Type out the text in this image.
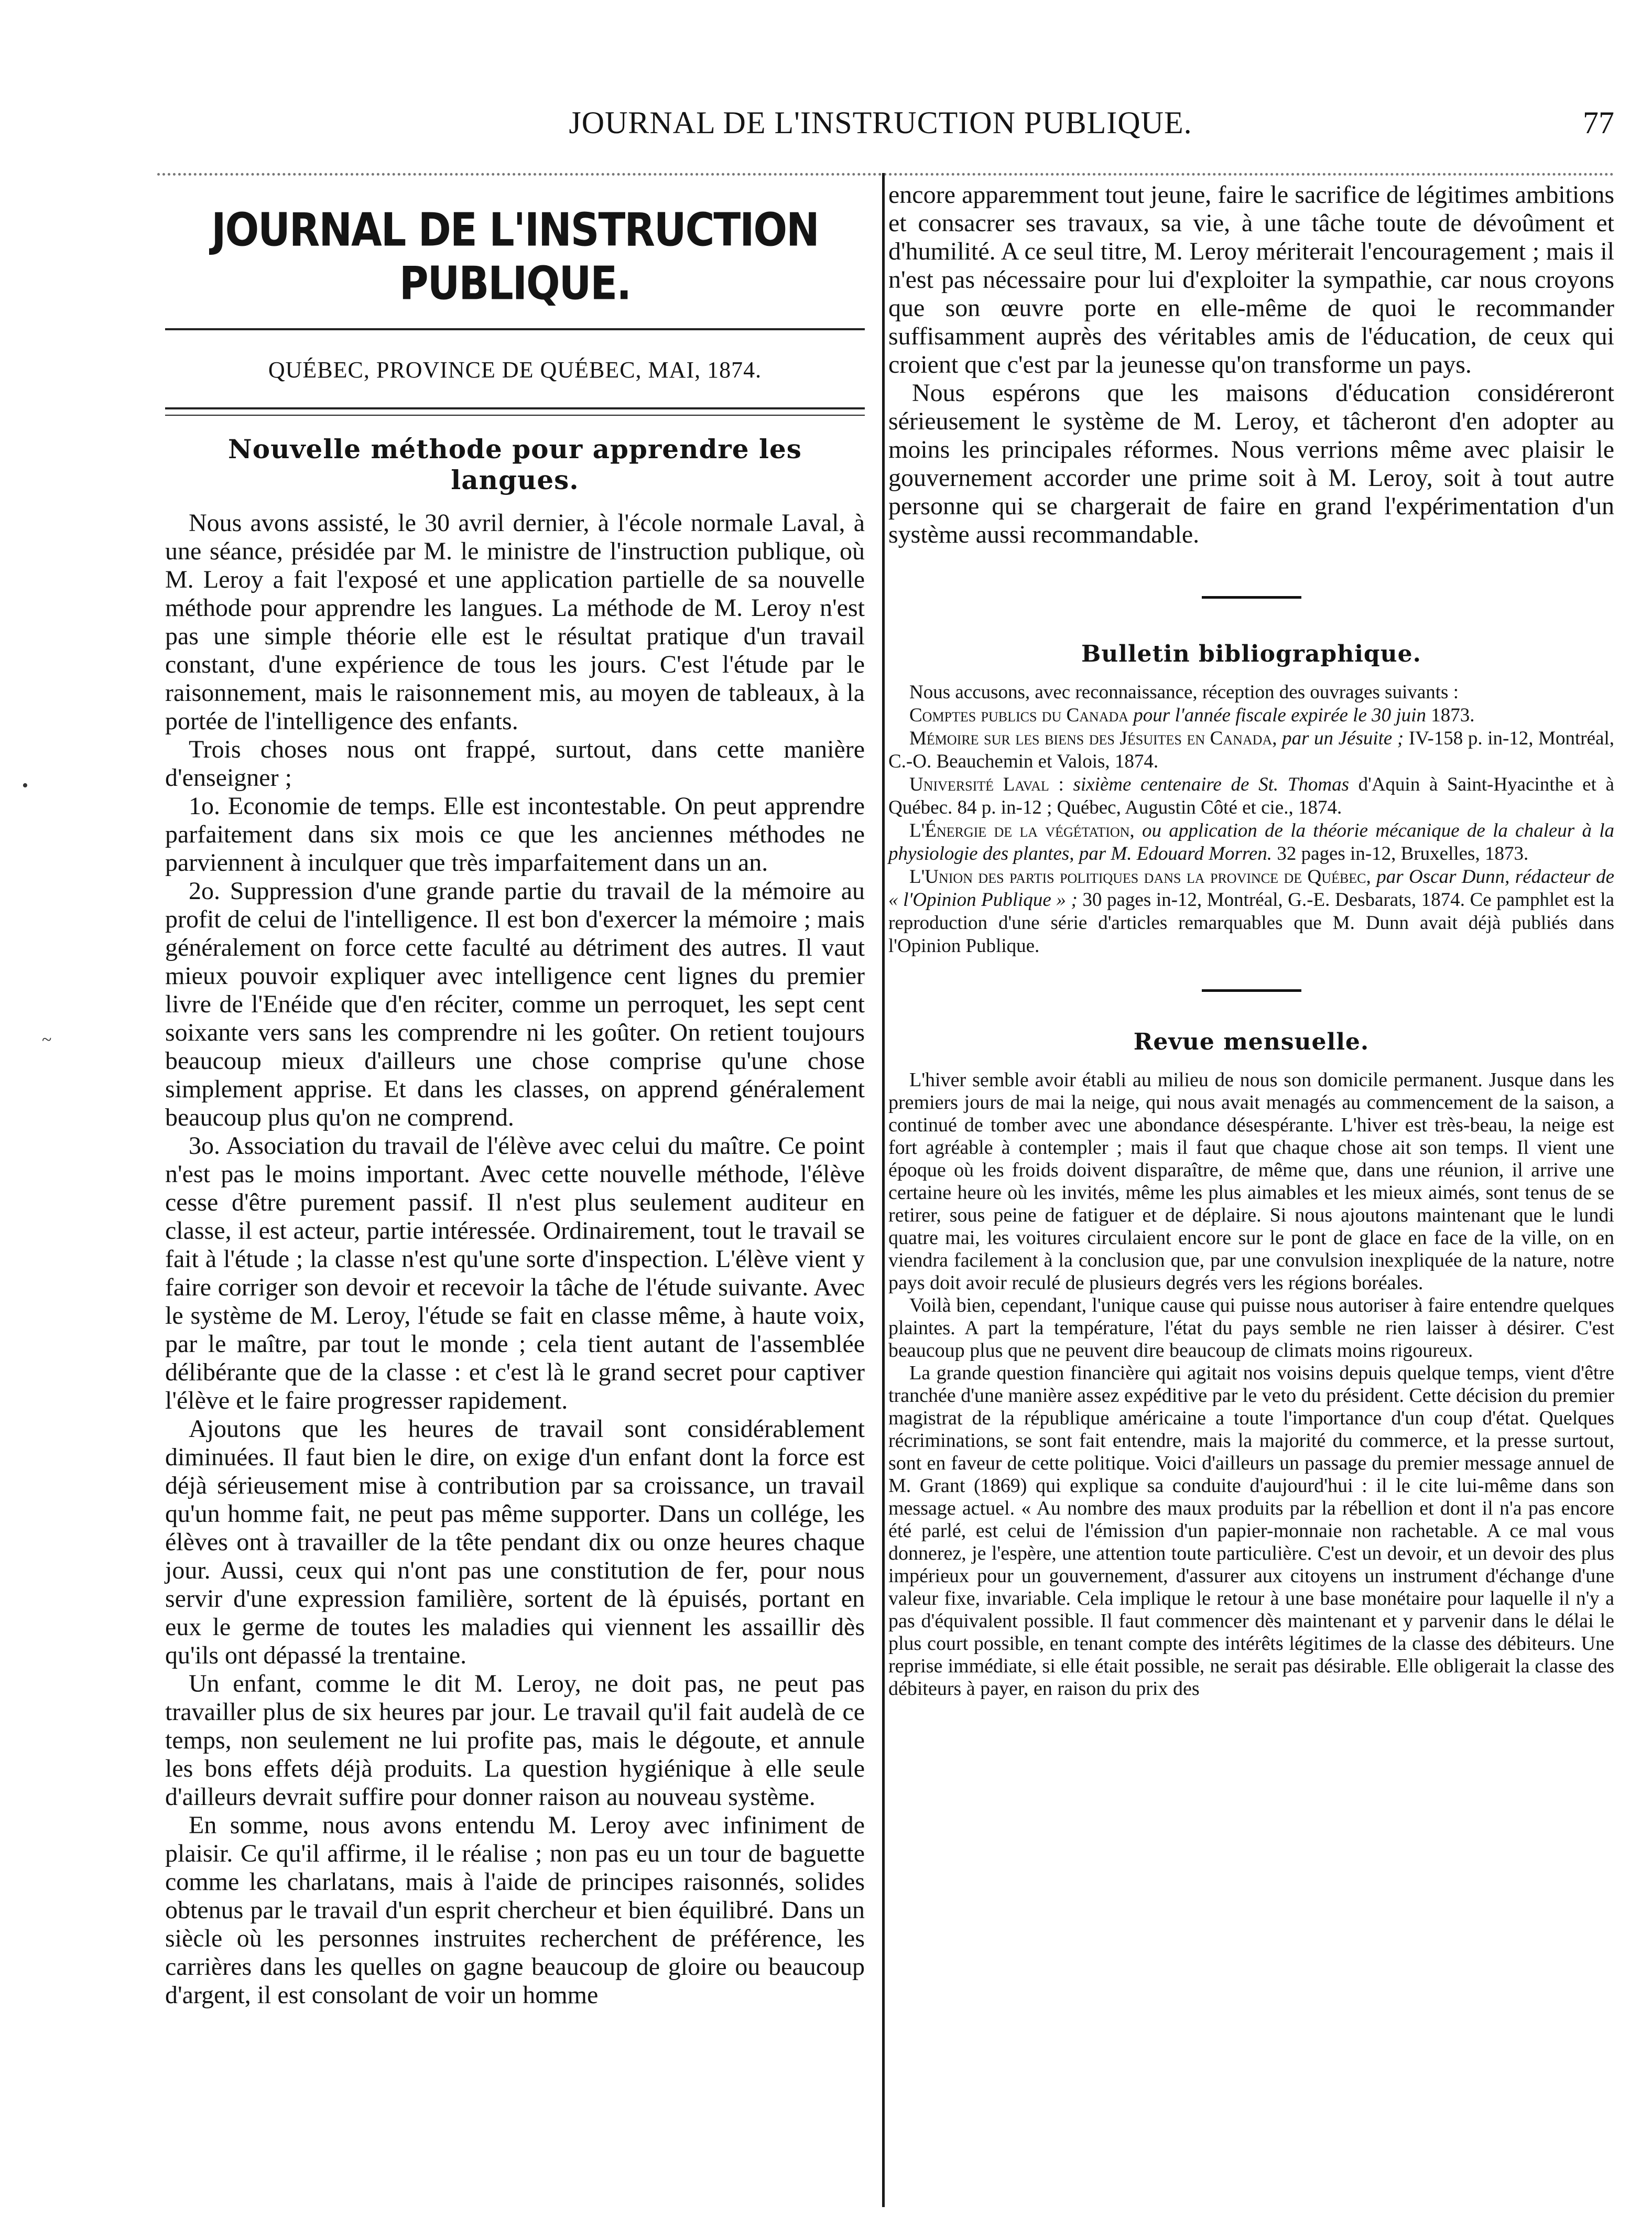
JOURNAL DE L'INSTRUCTION PUBLIQUE.	77
•
~
JOURNAL DE L'INSTRUCTION PUBLIQUE.
QUÉBEC, PROVINCE DE QUÉBEC, MAI, 1874.
Nouvelle méthode pour apprendre les langues.

Nous avons assisté, le 30 avril dernier, à l'école normale Laval, à une séance, présidée par M. le ministre de l'instruction publique, où M. Leroy a fait l'exposé et une application partielle de sa nouvelle méthode pour apprendre les langues. La méthode de M. Leroy n'est pas une simple théorie elle est le résultat pratique d'un travail constant, d'une expérience de tous les jours. C'est l'étude par le raisonnement, mais le raisonnement mis, au moyen de tableaux, à la portée de l'intelligence des enfants.

Trois choses nous ont frappé, surtout, dans cette manière d'enseigner ;

1o. Economie de temps. Elle est incontestable. On peut apprendre parfaitement dans six mois ce que les anciennes méthodes ne parviennent à inculquer que très imparfaitement dans un an.

2o. Suppression d'une grande partie du travail de la mémoire au profit de celui de l'intelligence. Il est bon d'exercer la mémoire ; mais généralement on force cette faculté au détriment des autres. Il vaut mieux pouvoir expliquer avec intelligence cent lignes du premier livre de l'Enéide que d'en réciter, comme un perroquet, les sept cent soixante vers sans les comprendre ni les goûter. On retient toujours beaucoup mieux d'ailleurs une chose comprise qu'une chose simplement apprise. Et dans les classes, on apprend généralement beaucoup plus qu'on ne comprend.

3o. Association du travail de l'élève avec celui du maître. Ce point n'est pas le moins important. Avec cette nouvelle méthode, l'élève cesse d'être purement passif. Il n'est plus seulement auditeur en classe, il est acteur, partie intéressée. Ordinairement, tout le travail se fait à l'étude ; la classe n'est qu'une sorte d'inspection. L'élève vient y faire corriger son devoir et recevoir la tâche de l'étude suivante. Avec le système de M. Leroy, l'étude se fait en classe même, à haute voix, par le maître, par tout le monde ; cela tient autant de l'assemblée délibérante que de la classe : et c'est là le grand secret pour captiver l'élève et le faire progresser rapidement.

Ajoutons que les heures de travail sont considérablement diminuées. Il faut bien le dire, on exige d'un enfant dont la force est déjà sérieusement mise à contribution par sa croissance, un travail qu'un homme fait, ne peut pas même supporter. Dans un collége, les élèves ont à travailler de la tête pendant dix ou onze heures chaque jour. Aussi, ceux qui n'ont pas une constitution de fer, pour nous servir d'une expression familière, sortent de là épuisés, portant en eux le germe de toutes les maladies qui viennent les assaillir dès qu'ils ont dépassé la trentaine.

Un enfant, comme le dit M. Leroy, ne doit pas, ne peut pas travailler plus de six heures par jour. Le travail qu'il fait audelà de ce temps, non seulement ne lui profite pas, mais le dégoute, et annule les bons effets déjà produits. La question hygiénique à elle seule d'ailleurs devrait suffire pour donner raison au nouveau système.

En somme, nous avons entendu M. Leroy avec infiniment de plaisir. Ce qu'il affirme, il le réalise ; non pas eu un tour de baguette comme les charlatans, mais à l'aide de principes raisonnés, solides obtenus par le travail d'un esprit chercheur et bien équilibré. Dans un siècle où les personnes instruites recherchent de préférence, les carrières dans les quelles on gagne beaucoup de gloire ou beaucoup d'argent, il est consolant de voir un homme

encore apparemment tout jeune, faire le sacrifice de légitimes ambitions et consacrer ses travaux, sa vie, à une tâche toute de dévoûment et d'humilité. A ce seul titre, M. Leroy mériterait l'encouragement ; mais il n'est pas nécessaire pour lui d'exploiter la sympathie, car nous croyons que son œuvre porte en elle-même de quoi le recommander suffisamment auprès des véritables amis de l'éducation, de ceux qui croient que c'est par la jeunesse qu'on transforme un pays.

Nous espérons que les maisons d'éducation considéreront sérieusement le système de M. Leroy, et tâcheront d'en adopter au moins les principales réformes. Nous verrions même avec plaisir le gouvernement accorder une prime soit à M. Leroy, soit à tout autre personne qui se chargerait de faire en grand l'expérimentation d'un système aussi recommandable.

Bulletin bibliographique.

Nous accusons, avec reconnaissance, réception des ouvrages suivants :

Comptes publics du Canada pour l'année fiscale expirée le 30 juin 1873.

Mémoire sur les biens des Jésuites en Canada, par un Jésuite ; IV-158 p. in-12, Montréal, C.-O. Beauchemin et Valois, 1874.

Université Laval : sixième centenaire de St. Thomas d'Aquin à Saint-Hyacinthe et à Québec. 84 p. in-12 ; Québec, Augustin Côté et cie., 1874.

L'Énergie de la végétation, ou application de la théorie mécanique de la chaleur à la physiologie des plantes, par M. Edouard Morren. 32 pages in-12, Bruxelles, 1873.

L'Union des partis politiques dans la province de Québec, par Oscar Dunn, rédacteur de « l'Opinion Publique » ; 30 pages in-12, Montréal, G.-E. Desbarats, 1874. Ce pamphlet est la reproduction d'une série d'articles remarquables que M. Dunn avait déjà publiés dans l'Opinion Publique.

Revue mensuelle.

L'hiver semble avoir établi au milieu de nous son domicile permanent. Jusque dans les premiers jours de mai la neige, qui nous avait menagés au commencement de la saison, a continué de tomber avec une abondance désespérante. L'hiver est très-beau, la neige est fort agréable à contempler ; mais il faut que chaque chose ait son temps. Il vient une époque où les froids doivent disparaître, de même que, dans une réunion, il arrive une certaine heure où les invités, même les plus aimables et les mieux aimés, sont tenus de se retirer, sous peine de fatiguer et de déplaire. Si nous ajoutons maintenant que le lundi quatre mai, les voitures circulaient encore sur le pont de glace en face de la ville, on en viendra facilement à la conclusion que, par une convulsion inexpliquée de la nature, notre pays doit avoir reculé de plusieurs degrés vers les régions boréales.

Voilà bien, cependant, l'unique cause qui puisse nous autoriser à faire entendre quelques plaintes. A part la température, l'état du pays semble ne rien laisser à désirer. C'est beaucoup plus que ne peuvent dire beaucoup de climats moins rigoureux.

La grande question financière qui agitait nos voisins depuis quelque temps, vient d'être tranchée d'une manière assez expéditive par le veto du président. Cette décision du premier magistrat de la république américaine a toute l'importance d'un coup d'état. Quelques récriminations, se sont fait entendre, mais la majorité du commerce, et la presse surtout, sont en faveur de cette politique. Voici d'ailleurs un passage du premier message annuel de M. Grant (1869) qui explique sa conduite d'aujourd'hui : il le cite lui-même dans son message actuel. « Au nombre des maux produits par la rébellion et dont il n'a pas encore été parlé, est celui de l'émission d'un papier-monnaie non rachetable. A ce mal vous donnerez, je l'espère, une attention toute particulière. C'est un devoir, et un devoir des plus impérieux pour un gouvernement, d'assurer aux citoyens un instrument d'échange d'une valeur fixe, invariable. Cela implique le retour à une base monétaire pour laquelle il n'y a pas d'équivalent possible. Il faut commencer dès maintenant et y parvenir dans le délai le plus court possible, en tenant compte des intérêts légitimes de la classe des débiteurs. Une reprise immédiate, si elle était possible, ne serait pas désirable. Elle obligerait la classe des débiteurs à payer, en raison du prix des
